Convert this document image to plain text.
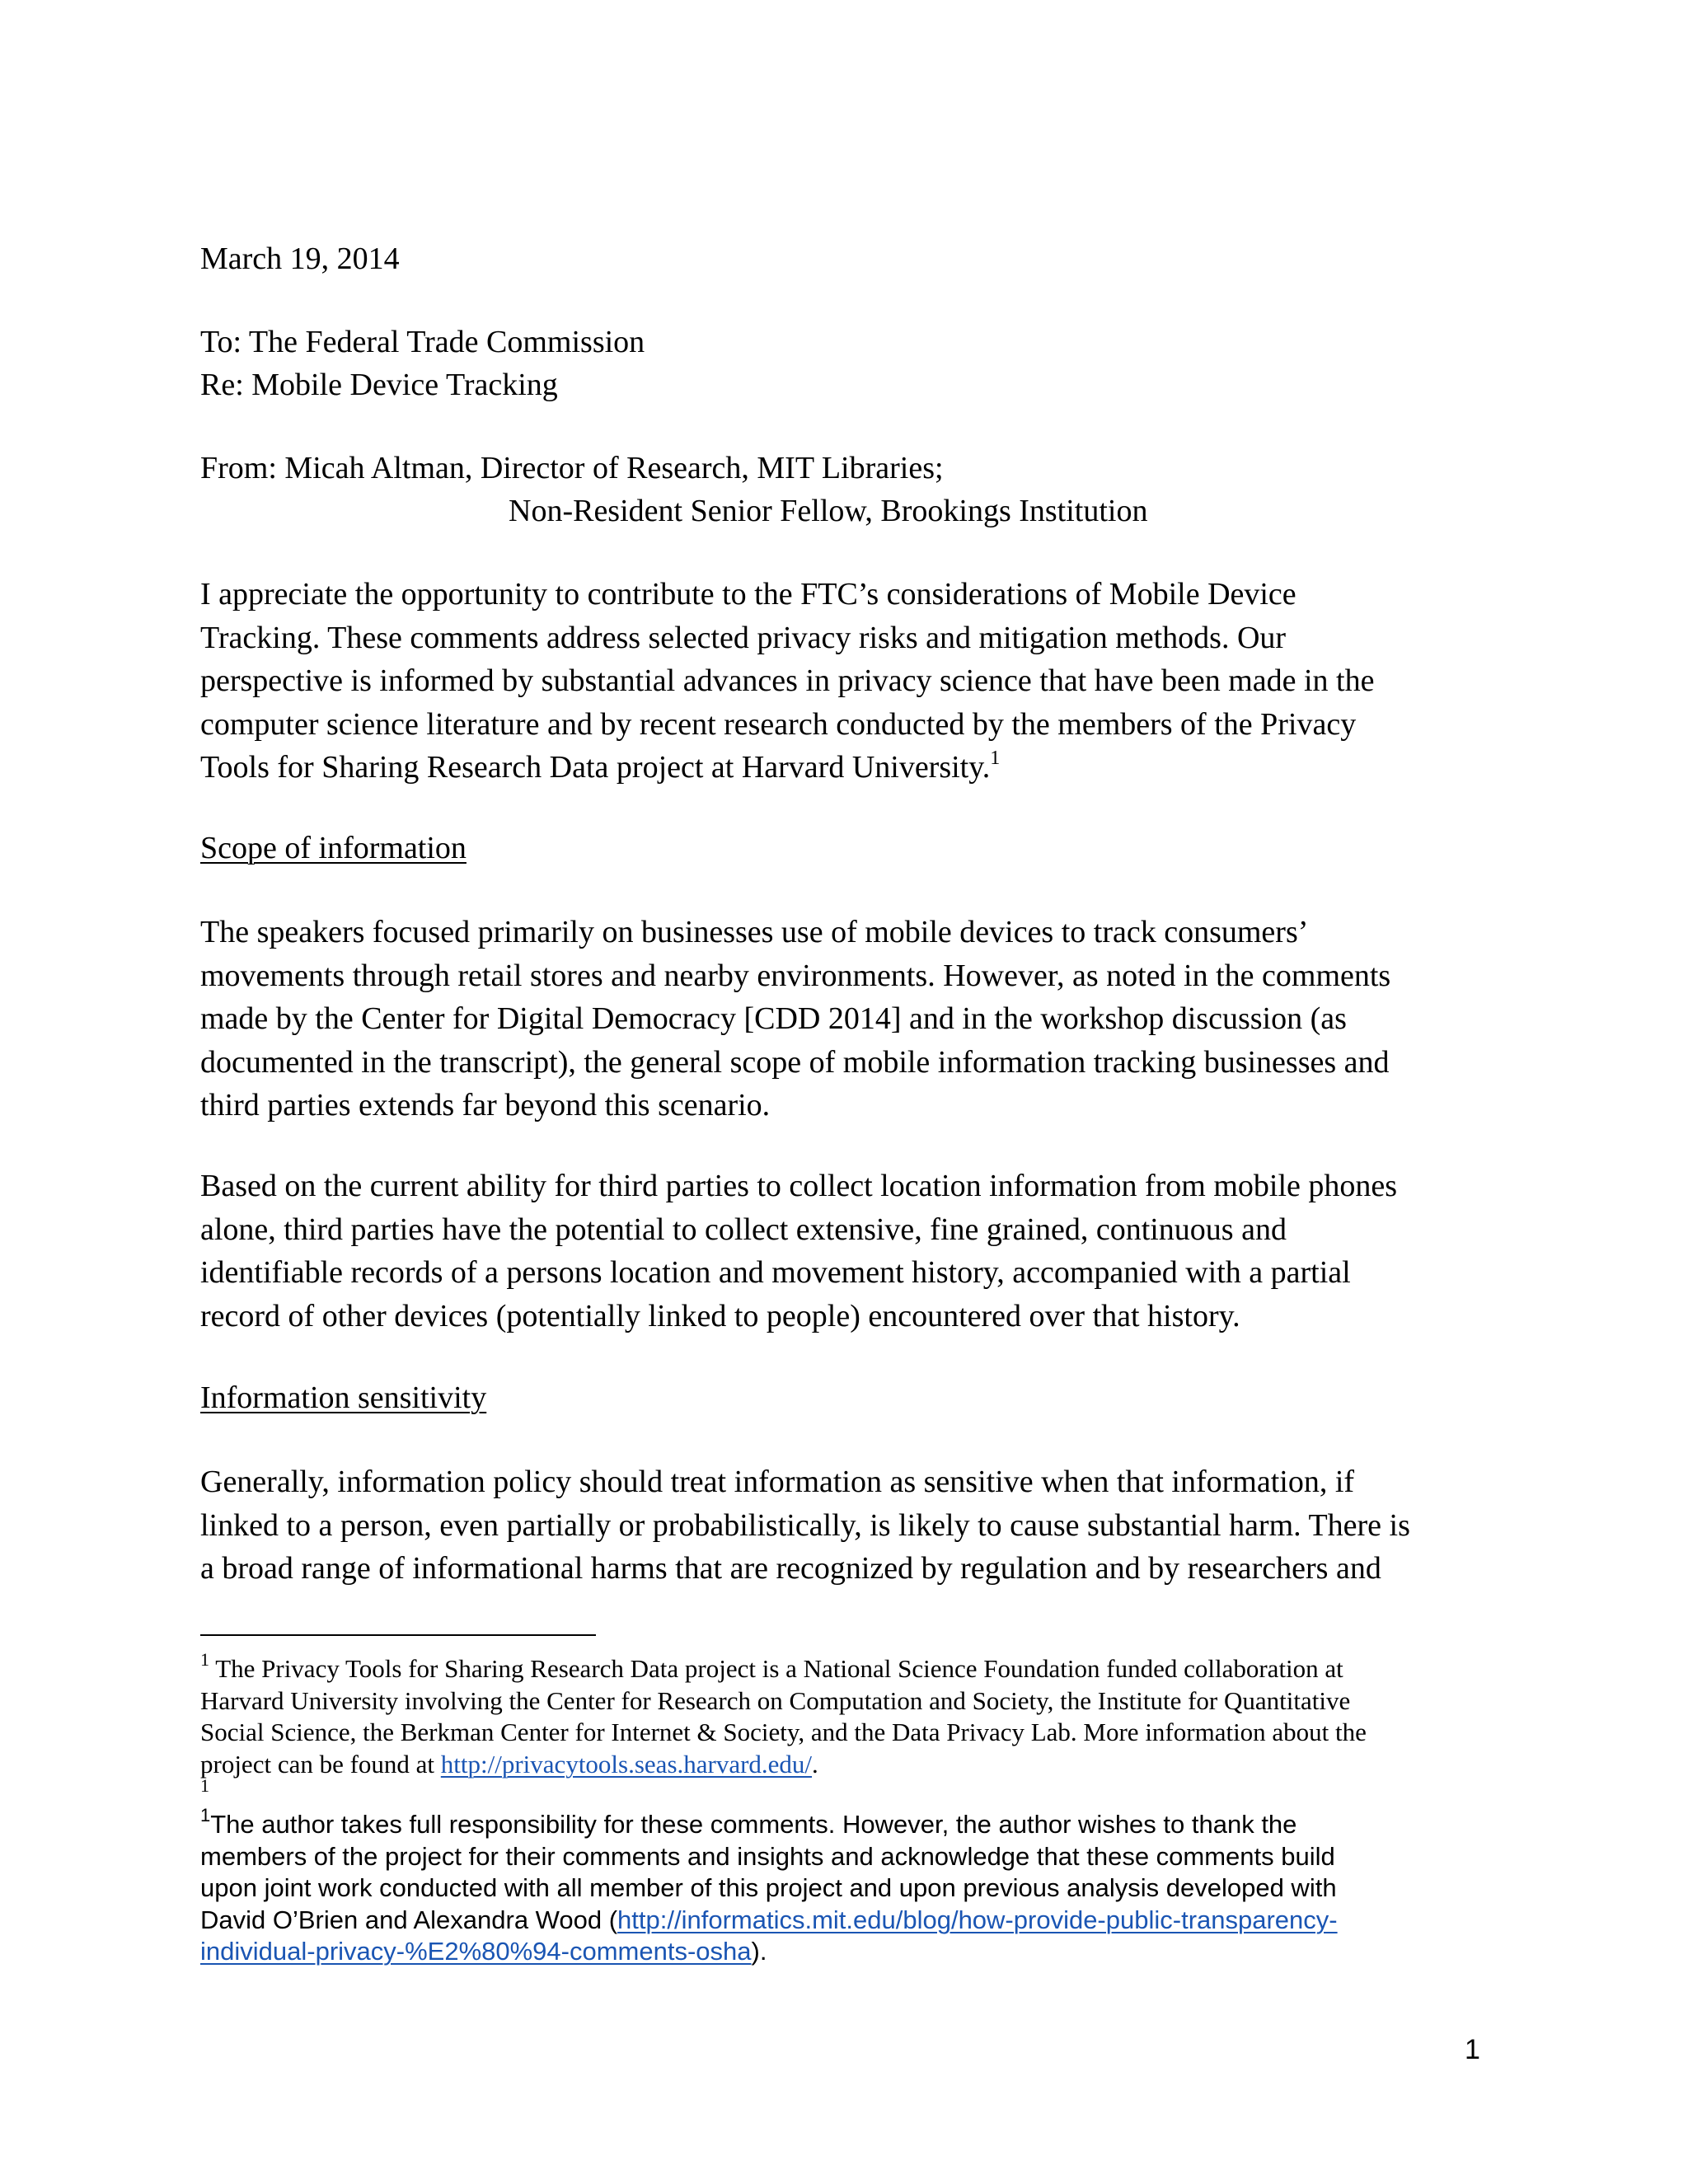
March 19, 2014
To: The Federal Trade Commission
Re: Mobile Device Tracking
From: Micah Altman, Director of Research, MIT Libraries;
Non-Resident Senior Fellow, Brookings Institution
I appreciate the opportunity to contribute to the FTC’s considerations of Mobile Device
Tracking. These comments address selected privacy risks and mitigation methods. Our
perspective is informed by substantial advances in privacy science that have been made in the
computer science literature and by recent research conducted by the members of the Privacy
Tools for Sharing Research Data project at Harvard University.$^1$
Scope of information
The speakers focused primarily on businesses use of mobile devices to track consumers’
movements through retail stores and nearby environments. However, as noted in the comments
made by the Center for Digital Democracy [CDD 2014] and in the workshop discussion (as
documented in the transcript), the general scope of mobile information tracking businesses and
third parties extends far beyond this scenario.
Based on the current ability for third parties to collect location information from mobile phones
alone, third parties have the potential to collect extensive, fine grained, continuous and
identifiable records of a persons location and movement history, accompanied with a partial
record of other devices (potentially linked to people) encountered over that history.
Information sensitivity
Generally, information policy should treat information as sensitive when that information, if
linked to a person, even partially or probabilistically, is likely to cause substantial harm. There is
a broad range of informational harms that are recognized by regulation and by researchers and
$^1$ The Privacy Tools for Sharing Research Data project is a National Science Foundation funded collaboration at
Harvard University involving the Center for Research on Computation and Society, the Institute for Quantitative
Social Science, the Berkman Center for Internet & Society, and the Data Privacy Lab. More information about the
project can be found at http://privacytools.seas.harvard.edu/.
1
$^1$The author takes full responsibility for these comments. However, the author wishes to thank the
members of the project for their comments and insights and acknowledge that these comments build
upon joint work conducted with all member of this project and upon previous analysis developed with
David O’Brien and Alexandra Wood (http://informatics.mit.edu/blog/how-provide-public-transparency-
individual-privacy-%E2%80%94-comments-osha).
1
